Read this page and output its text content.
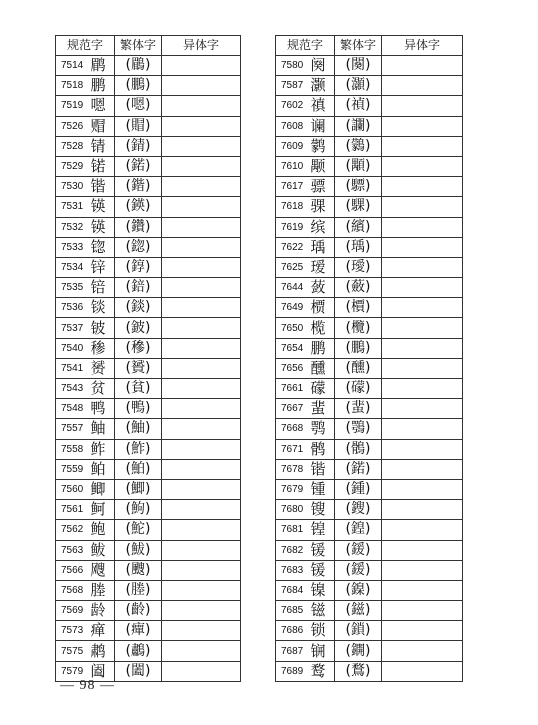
规范字		繁体字	异体字
7514	鹛	(鶥)	
7518	鹏	(鵬)	
7519	嗯	(嗯)	
7526	赗	(賵)	
7528	锖	(錆)	
7529	锘	(鍩)	
7530	锴	(鍇)	
7531	锳	(鍈)	
7532	锳	(鑽)	
7533	锪	(鍃)	
7534	锌	(錞)	
7535	锫	(錇)	
7536	锬	(錟)	
7537	铍	(鈹)	
7540	䅟	(穇)	
7541	赟	(贇)	
7543	贫	(貧)	
7548	鸭	(鴨)	
7557	鲉	(鮋)	
7558	鲊	(鮓)	
7559	鲌	(鮊)	
7560	鲫	(鯽)	
7561	鲄	(鮈)	
7562	鲍	(鮀)	
7563	鲅	(鮁)	
7566	飕	(颼)	
7568	塍	(塍)	
7569	龄	(齡)	
7573	瘅	(癉)	
7575	鹔	(鷫)	
7579	阖	(闔)	
规范字		繁体字	异体字
7580	阕	(闋)	
7587	灏	(灝)	
7602	禛	(禎)	
7608	谰	(讕)	
7609	鹲	(鸏)	
7610	颙	(顒)	
7617	骠	(驃)	
7618	骒	(騍)	
7619	缤	(繽)	
7622	瑀	(瑀)	
7625	瑷	(璦)	
7644	蔹	(蘞)	
7649	槚	(檟)	
7650	榄	(欖)	
7654	鹏	(鵬)	
7656	醺	(醺)	
7661	礞	(礞)	
7667	蜚	(蜚)	
7668	鹗	(鶚)	
7671	鹘	(鶻)	
7678	锴	(鍩)	
7679	锺	(鍾)	
7680	锼	(鎪)	
7681	锽	(鍠)	
7682	锾	(鍰)	
7683	锾	(鍰)	
7684	镍	(鎳)	
7685	镃	(鎡)	
7686	锁	(鎖)	
7687	锎	(鐦)	
7689	鹜	(鶩)	
— 98 —
